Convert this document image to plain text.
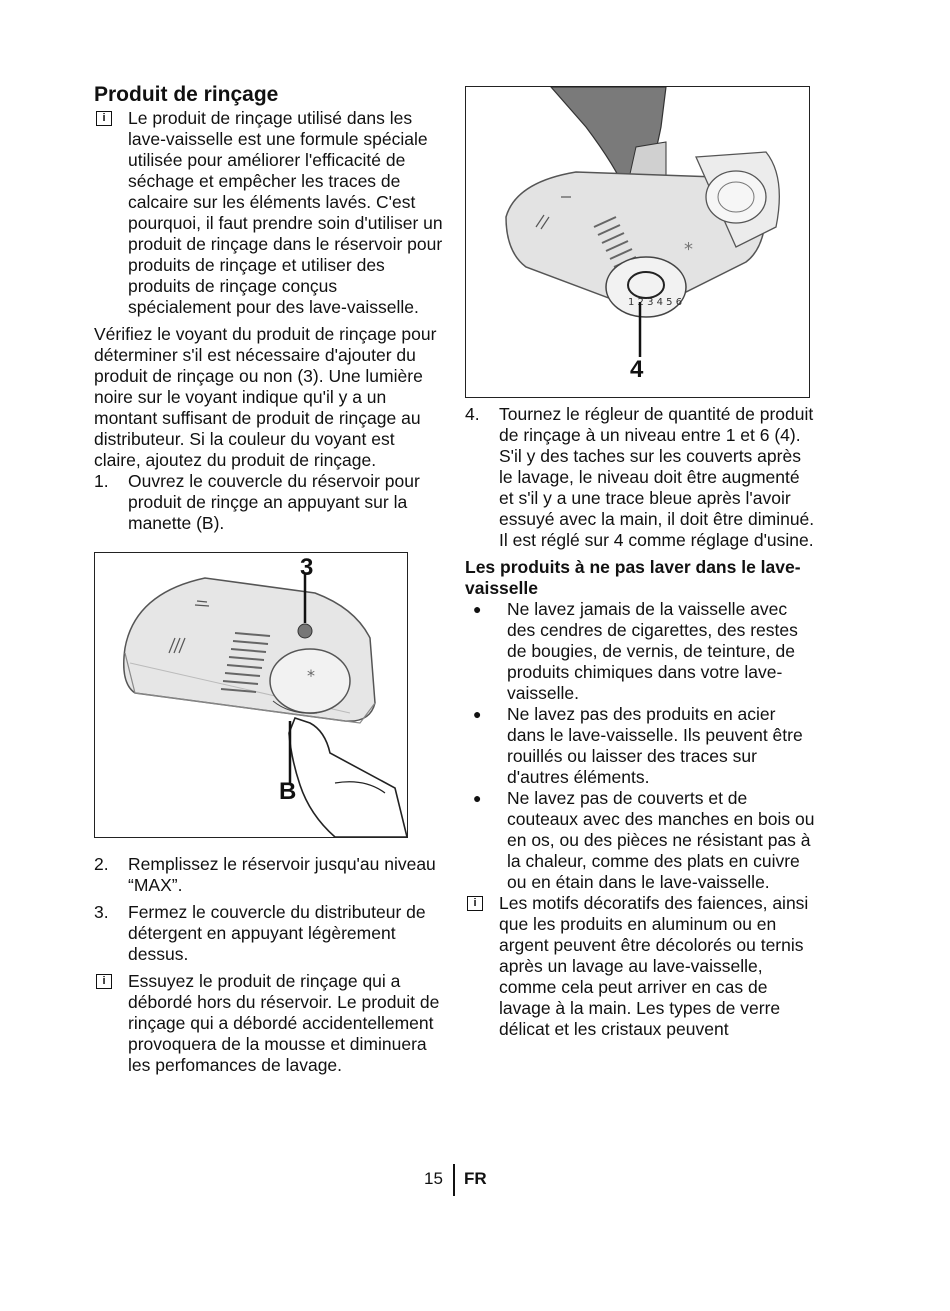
Produit de rinçage
i	Le produit de rinçage utilisé dans les lave-vaisselle est une formule spéciale utilisée pour améliorer l'efficacité de séchage et empêcher les traces de calcaire sur les éléments lavés. C'est pourquoi, il faut prendre soin d'utiliser un produit de rinçage dans le réservoir pour produits de rinçage et utiliser des produits de rinçage conçus spécialement pour des lave-vaisselle.

Vérifiez le voyant du produit de rinçage pour déterminer s'il est nécessaire d'ajouter du produit de rinçage ou non (3). Une lumière noire sur le voyant indique qu'il y a un montant suffisant de produit de rinçage au distributeur. Si la couleur du voyant est claire, ajoutez du produit de rinçage.

1. Ouvrez le couvercle du réservoir pour produit de rinçge an appuyant sur la manette (B).
*
3
B
2. Remplissez le réservoir jusqu'au niveau “MAX”.
3. Fermez le couvercle du distributeur de détergent en appuyant légèrement dessus.
i	Essuyez le produit de rinçage qui a débordé hors du réservoir. Le produit de rinçage qui a débordé accidentellement provoquera de la mousse et diminuera les perfomances de lavage.

1 2 3 4 5 6
*
4
4. Tournez le régleur de quantité de produit de rinçage à un niveau entre 1 et 6 (4). S'il y des taches sur les couverts après le lavage, le niveau doit être augmenté et s'il y a une trace bleue après l'avoir essuyé avec la main, il doit être diminué. Il est réglé sur 4 comme réglage d'usine.

Les produits à ne pas laver dans le lave-vaisselle

● Ne lavez jamais de la vaisselle avec des cendres de cigarettes, des restes de bougies, de vernis, de teinture, de produits chimiques dans votre lave-vaisselle.
● Ne lavez pas des produits en acier dans le lave-vaisselle. Ils peuvent être rouillés ou laisser des traces sur d'autres éléments.
● Ne lavez pas de couverts et de couteaux avec des manches en bois ou en os, ou des pièces ne résistant pas à la chaleur, comme des plats en cuivre ou en étain dans le lave-vaisselle.
i	Les motifs décoratifs des faiences, ainsi que les produits en aluminum ou en argent peuvent être décolorés ou ternis après un lavage au lave-vaisselle, comme cela peut arriver en cas de lavage à la main. Les types de verre délicat et les cristaux peuvent

15 FR
